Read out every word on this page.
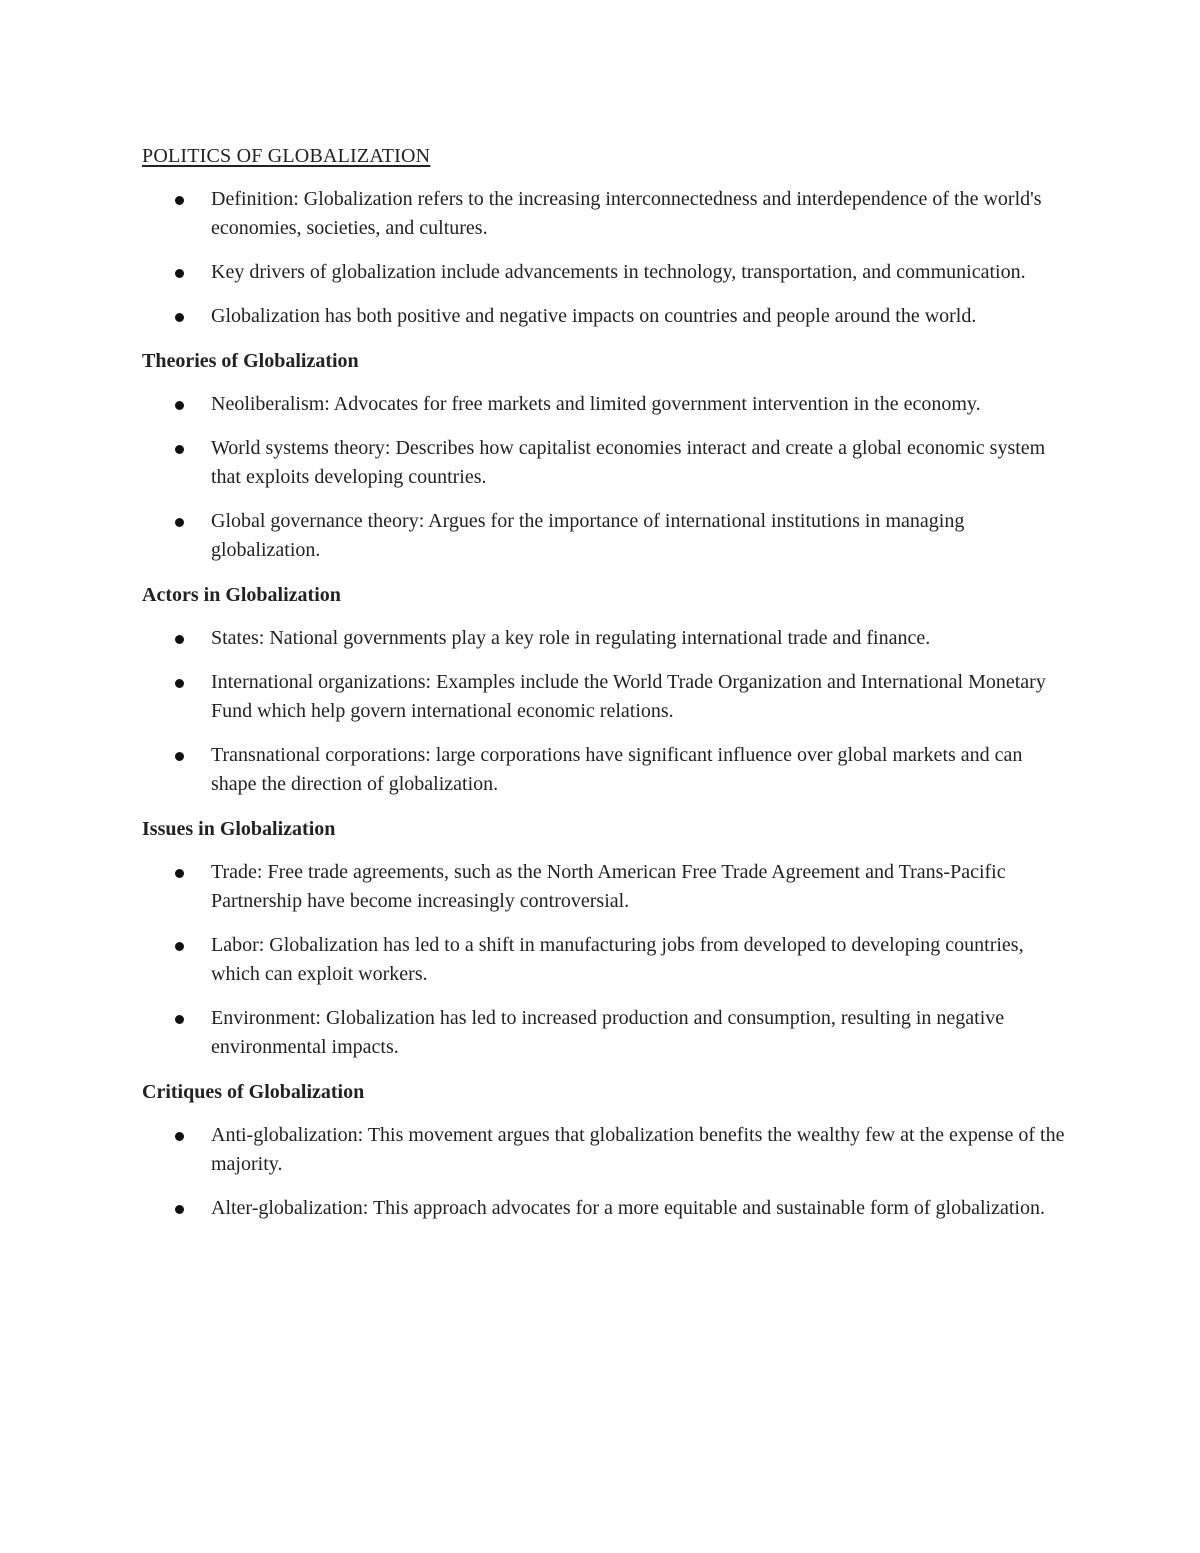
POLITICS OF GLOBALIZATION
Definition: Globalization refers to the increasing interconnectedness and interdependence of the world's economies, societies, and cultures.
Key drivers of globalization include advancements in technology, transportation, and communication.
Globalization has both positive and negative impacts on countries and people around the world.
Theories of Globalization
Neoliberalism: Advocates for free markets and limited government intervention in the economy.
World systems theory: Describes how capitalist economies interact and create a global economic system that exploits developing countries.
Global governance theory: Argues for the importance of international institutions in managing globalization.
Actors in Globalization
States: National governments play a key role in regulating international trade and finance.
International organizations: Examples include the World Trade Organization and International Monetary Fund which help govern international economic relations.
Transnational corporations: large corporations have significant influence over global markets and can shape the direction of globalization.
Issues in Globalization
Trade: Free trade agreements, such as the North American Free Trade Agreement and Trans-Pacific Partnership have become increasingly controversial.
Labor: Globalization has led to a shift in manufacturing jobs from developed to developing countries, which can exploit workers.
Environment: Globalization has led to increased production and consumption, resulting in negative environmental impacts.
Critiques of Globalization
Anti-globalization: This movement argues that globalization benefits the wealthy few at the expense of the majority.
Alter-globalization: This approach advocates for a more equitable and sustainable form of globalization.
